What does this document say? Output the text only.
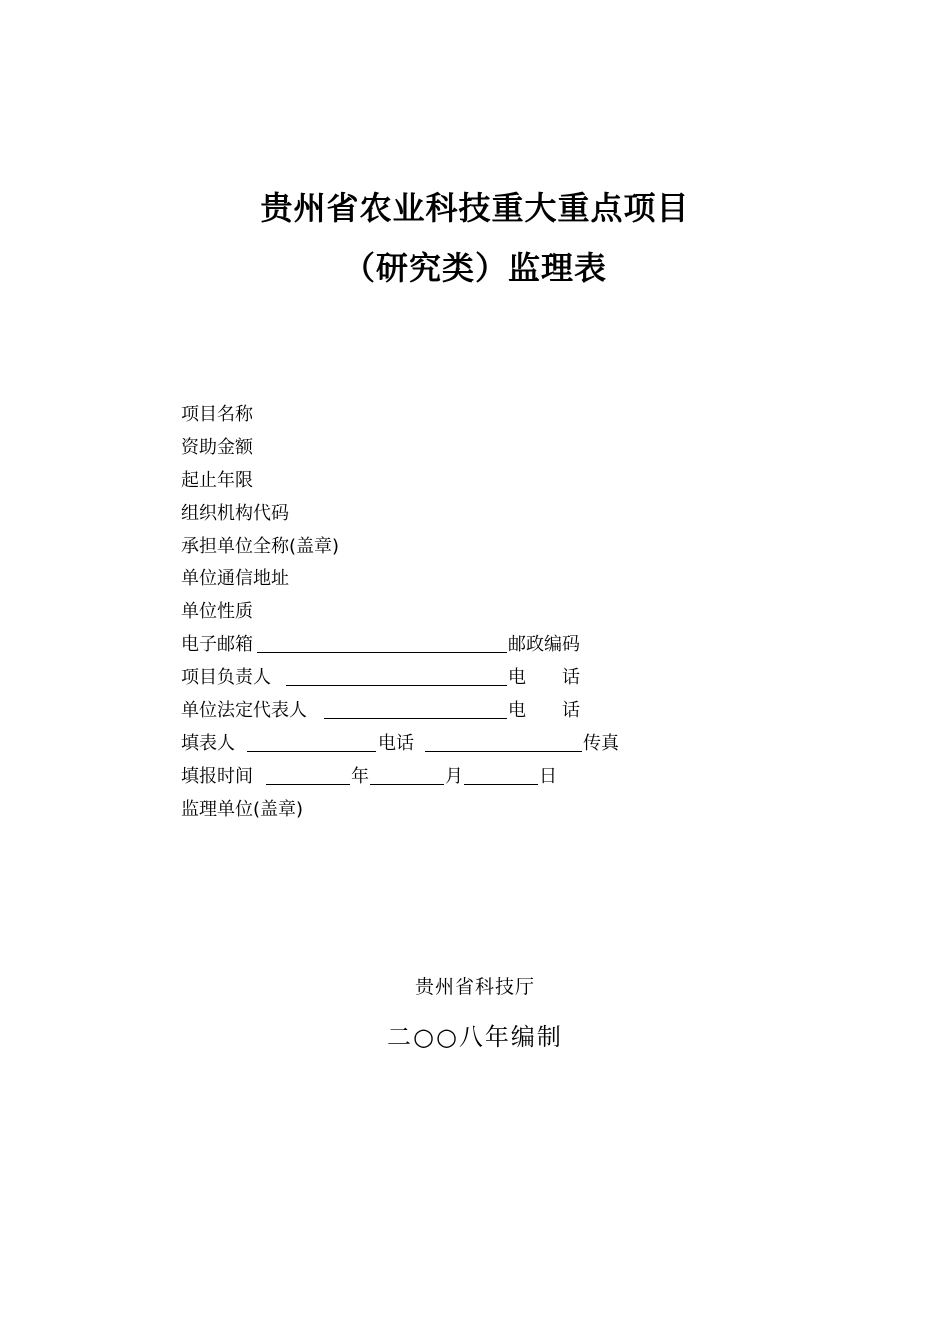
贵州省农业科技重大重点项目
（研究类）监理表
项目名称
资助金额
起止年限
组织机构代码
承担单位全称(盖章)
单位通信地址
单位性质
电子邮箱	邮政编码
项目负责人	电　　话
单位法定代表人	电　　话
填表人	电话	传真
填报时间	年	月	日
监理单位(盖章)
贵州省科技厅
二○○八年编制
